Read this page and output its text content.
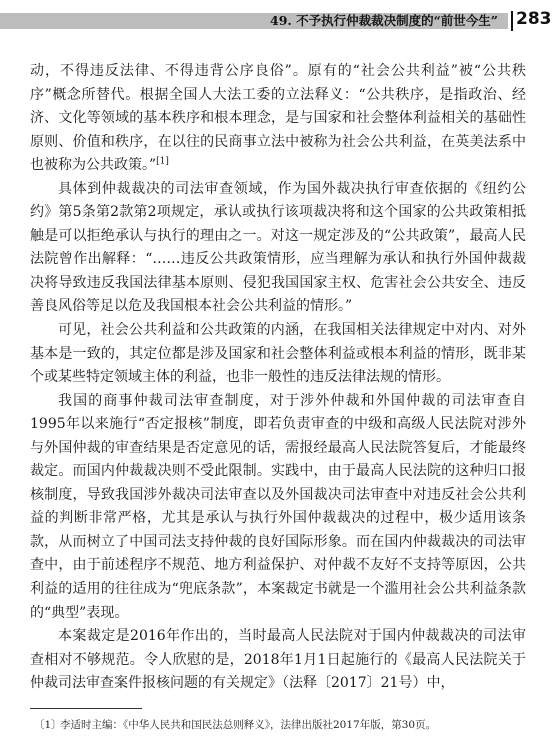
49. 不予执行仲裁裁决制度的“前世今生” 283

动，不得违反法律、不得违背公序良俗”。原有的“社会公共利益”被“公共秩序”概念所替代。根据全国人大法工委的立法释义：“公共秩序，是指政治、经济、文化等领域的基本秩序和根本理念，是与国家和社会整体利益相关的基础性原则、价值和秩序，在以往的民商事立法中被称为社会公共利益，在英美法系中也被称为公共政策。”[1]

具体到仲裁裁决的司法审查领域，作为国外裁决执行审查依据的《纽约公约》第5条第2款第2项规定，承认或执行该项裁决将和这个国家的公共政策相抵触是可以拒绝承认与执行的理由之一。对这一规定涉及的“公共政策”，最高人民法院曾作出解释：“……违反公共政策情形，应当理解为承认和执行外国仲裁裁决将导致违反我国法律基本原则、侵犯我国国家主权、危害社会公共安全、违反善良风俗等足以危及我国根本社会公共利益的情形。”

可见，社会公共利益和公共政策的内涵，在我国相关法律规定中对内、对外基本是一致的，其定位都是涉及国家和社会整体利益或根本利益的情形，既非某个或某些特定领域主体的利益，也非一般性的违反法律法规的情形。

我国的商事仲裁司法审查制度，对于涉外仲裁和外国仲裁的司法审查自1995年以来施行“否定报核”制度，即若负责审查的中级和高级人民法院对涉外与外国仲裁的审查结果是否定意见的话，需报经最高人民法院答复后，才能最终裁定。而国内仲裁裁决则不受此限制。实践中，由于最高人民法院的这种归口报核制度，导致我国涉外裁决司法审查以及外国裁决司法审查中对违反社会公共利益的判断非常严格，尤其是承认与执行外国仲裁裁决的过程中，极少适用该条款，从而树立了中国司法支持仲裁的良好国际形象。而在国内仲裁裁决的司法审查中，由于前述程序不规范、地方利益保护、对仲裁不友好不支持等原因，公共利益的适用的往往成为“兜底条款”，本案裁定书就是一个滥用社会公共利益条款的“典型”表现。

本案裁定是2016年作出的，当时最高人民法院对于国内仲裁裁决的司法审查相对不够规范。令人欣慰的是，2018年1月1日起施行的《最高人民法院关于仲裁司法审查案件报核问题的有关规定》（法释〔2017〕21号）中，

〔1〕李适时主编：《中华人民共和国民法总则释义》，法律出版社2017年版，第30页。
